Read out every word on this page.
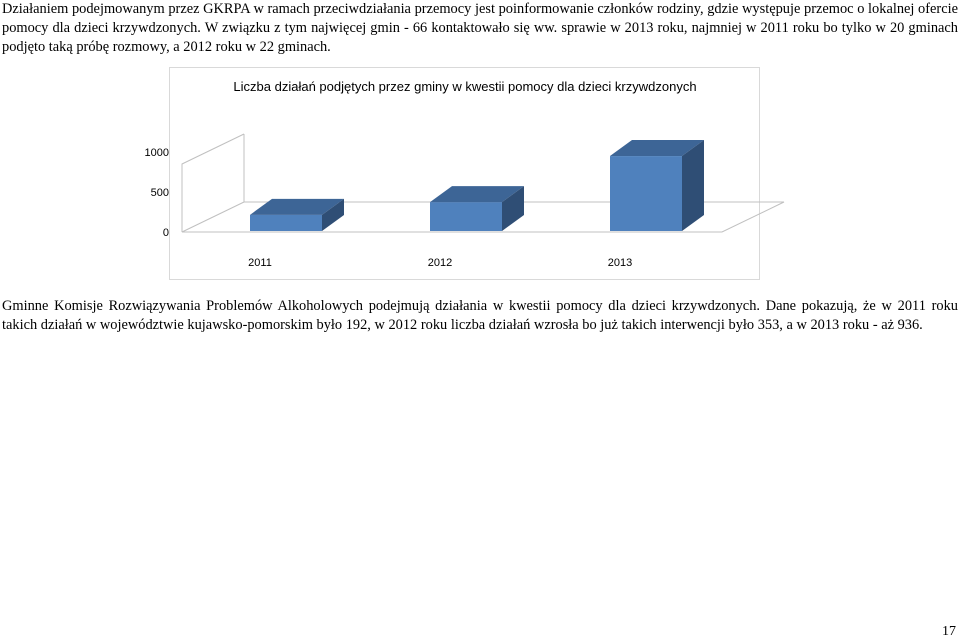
Działaniem podejmowanym przez GKRPA w ramach przeciwdziałania przemocy jest poinformowanie członków rodziny, gdzie występuje przemoc o lokalnej ofercie pomocy dla dzieci krzywdzonych. W związku z tym najwięcej gmin - 66 kontaktowało się ww. sprawie w 2013 roku, najmniej w 2011 roku bo tylko w 20 gminach podjęto taką próbę rozmowy, a 2012 roku w 22 gminach.

Liczba działań podjętych przez gminy w kwestii pomocy dla dzieci krzywdzonych
0
500
1000
2011	2012	2013

Gminne Komisje Rozwiązywania Problemów Alkoholowych podejmują działania w kwestii pomocy dla dzieci krzywdzonych. Dane pokazują, że w 2011 roku takich działań w województwie kujawsko-pomorskim było 192, w 2012 roku liczba działań wzrosła bo już takich interwencji było 353, a w 2013 roku - aż 936.

17
